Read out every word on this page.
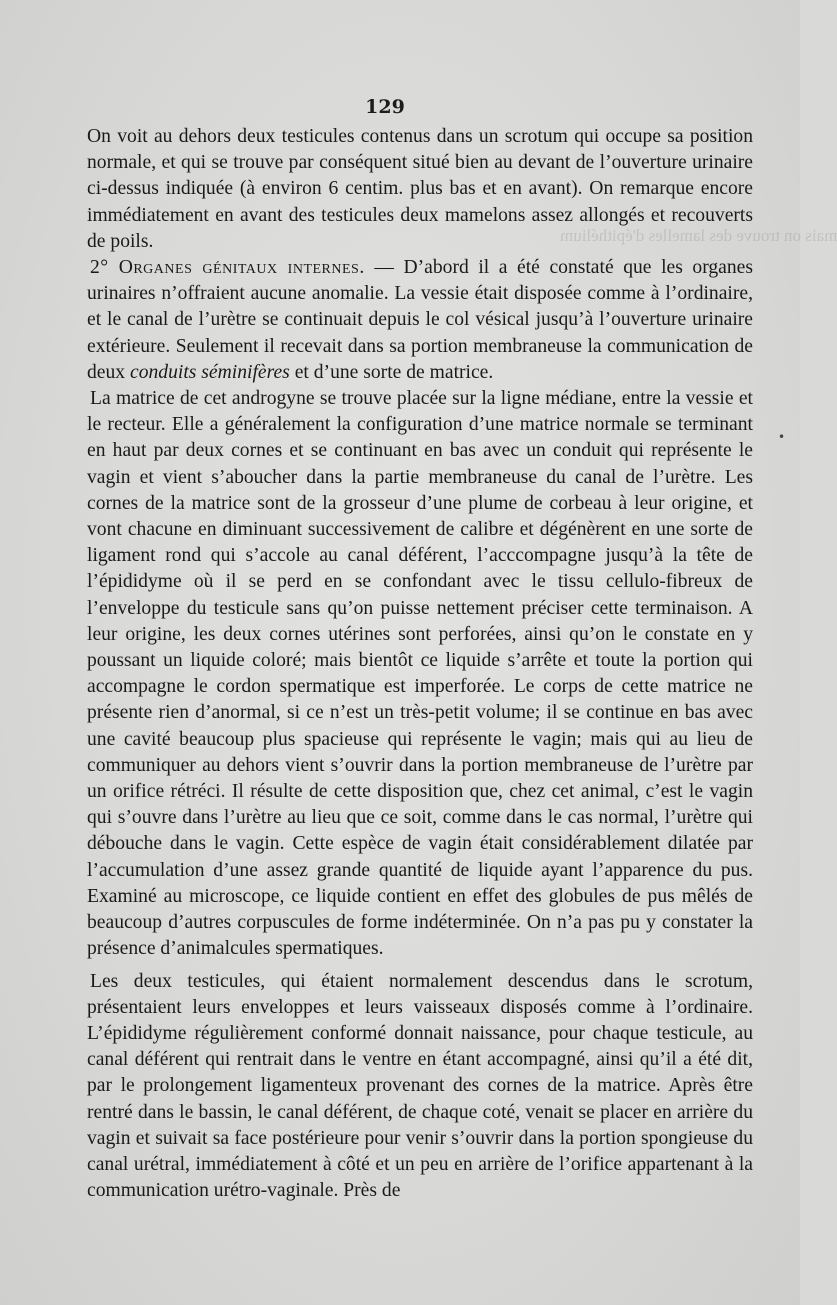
mais on trouve des lamelles d'épithélium
129

On voit au dehors deux testicules contenus dans un scrotum qui occupe sa position normale, et qui se trouve par conséquent situé bien au devant de l’ouverture urinaire ci-dessus indiquée (à environ 6 centim. plus bas et en avant). On remarque encore immédiatement en avant des testicules deux mamelons assez allongés et recouverts de poils.

2° Organes génitaux internes. — D’abord il a été constaté que les organes urinaires n’offraient aucune anomalie. La vessie était disposée comme à l’ordinaire, et le canal de l’urètre se continuait depuis le col vésical jusqu’à l’ouverture urinaire extérieure. Seulement il recevait dans sa portion membraneuse la communication de deux conduits séminifères et d’une sorte de matrice.

La matrice de cet androgyne se trouve placée sur la ligne médiane, entre la vessie et le recteur. Elle a généralement la configuration d’une matrice normale se terminant en haut par deux cornes et se continuant en bas avec un conduit qui représente le vagin et vient s’aboucher dans la partie membraneuse du canal de l’urètre. Les cornes de la matrice sont de la grosseur d’une plume de corbeau à leur origine, et vont chacune en diminuant successivement de calibre et dégénèrent en une sorte de ligament rond qui s’accole au canal déférent, l’acccompagne jusqu’à la tête de l’épididyme où il se perd en se confondant avec le tissu cellulo-fibreux de l’enveloppe du testicule sans qu’on puisse nettement préciser cette terminaison. A leur origine, les deux cornes utérines sont perforées, ainsi qu’on le constate en y poussant un liquide coloré; mais bientôt ce liquide s’arrête et toute la portion qui accompagne le cordon spermatique est imperforée. Le corps de cette matrice ne présente rien d’anormal, si ce n’est un très-petit volume; il se continue en bas avec une cavité beaucoup plus spacieuse qui représente le vagin; mais qui au lieu de communiquer au dehors vient s’ouvrir dans la portion membraneuse de l’urètre par un orifice rétréci. Il résulte de cette disposition que, chez cet animal, c’est le vagin qui s’ouvre dans l’urètre au lieu que ce soit, comme dans le cas normal, l’urètre qui débouche dans le vagin. Cette espèce de vagin était considérablement dilatée par l’accumulation d’une assez grande quantité de liquide ayant l’apparence du pus. Examiné au microscope, ce liquide contient en effet des globules de pus mêlés de beaucoup d’autres corpuscules de forme indéterminée. On n’a pas pu y constater la présence d’animalcules spermatiques.

Les deux testicules, qui étaient normalement descendus dans le scrotum, présentaient leurs enveloppes et leurs vaisseaux disposés comme à l’ordinaire. L’épididyme régulièrement conformé donnait naissance, pour chaque testicule, au canal déférent qui rentrait dans le ventre en étant accompagné, ainsi qu’il a été dit, par le prolongement ligamenteux provenant des cornes de la matrice. Après être rentré dans le bassin, le canal déférent, de chaque coté, venait se placer en arrière du vagin et suivait sa face postérieure pour venir s’ouvrir dans la portion spongieuse du canal urétral, immédiatement à côté et un peu en arrière de l’orifice appartenant à la communication urétro-vaginale. Près de

•
